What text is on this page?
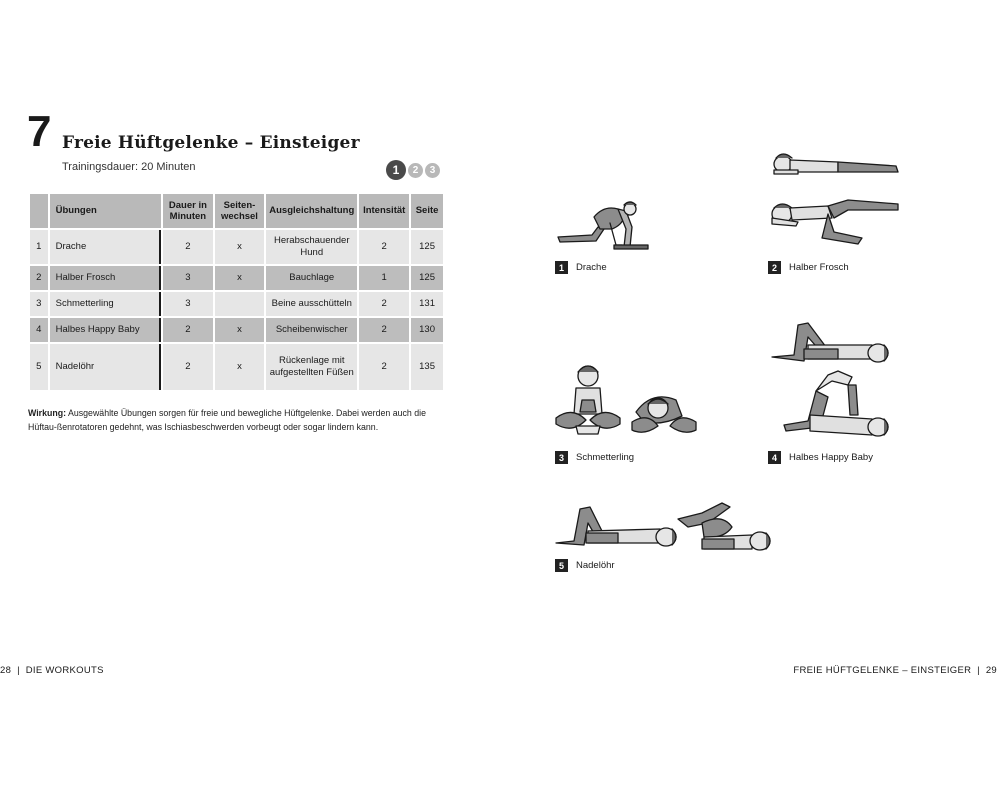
7 Freie Hüftgelenke – Einsteiger
Trainingsdauer: 20 Minuten	1	2	3
	Übungen	Dauer in Minuten	Seiten-wechsel	Ausgleichshaltung	Intensität	Seite
1	Drache	2	x	Herabschauender Hund	2	125
2	Halber Frosch	3	x	Bauchlage	1	125
3	Schmetterling	3		Beine ausschütteln	2	131
4	Halbes Happy Baby	2	x	Scheibenwischer	2	130
5	Nadelöhr	2	x	Rückenlage mit aufgestellten Füßen	2	135
Wirkung: Ausgewählte Übungen sorgen für freie und bewegliche Hüftgelenke. Dabei werden auch die Hüftau-ßenrotatoren gedehnt, was Ischiasbeschwerden vorbeugt oder sogar lindern kann.
1	Drache	2	Halber Frosch
3	Schmetterling	4	Halbes Happy Baby
5	Nadelöhr
28 | DIE WORKOUTS	FREIE HÜFTGELENKE – EINSTEIGER | 29
